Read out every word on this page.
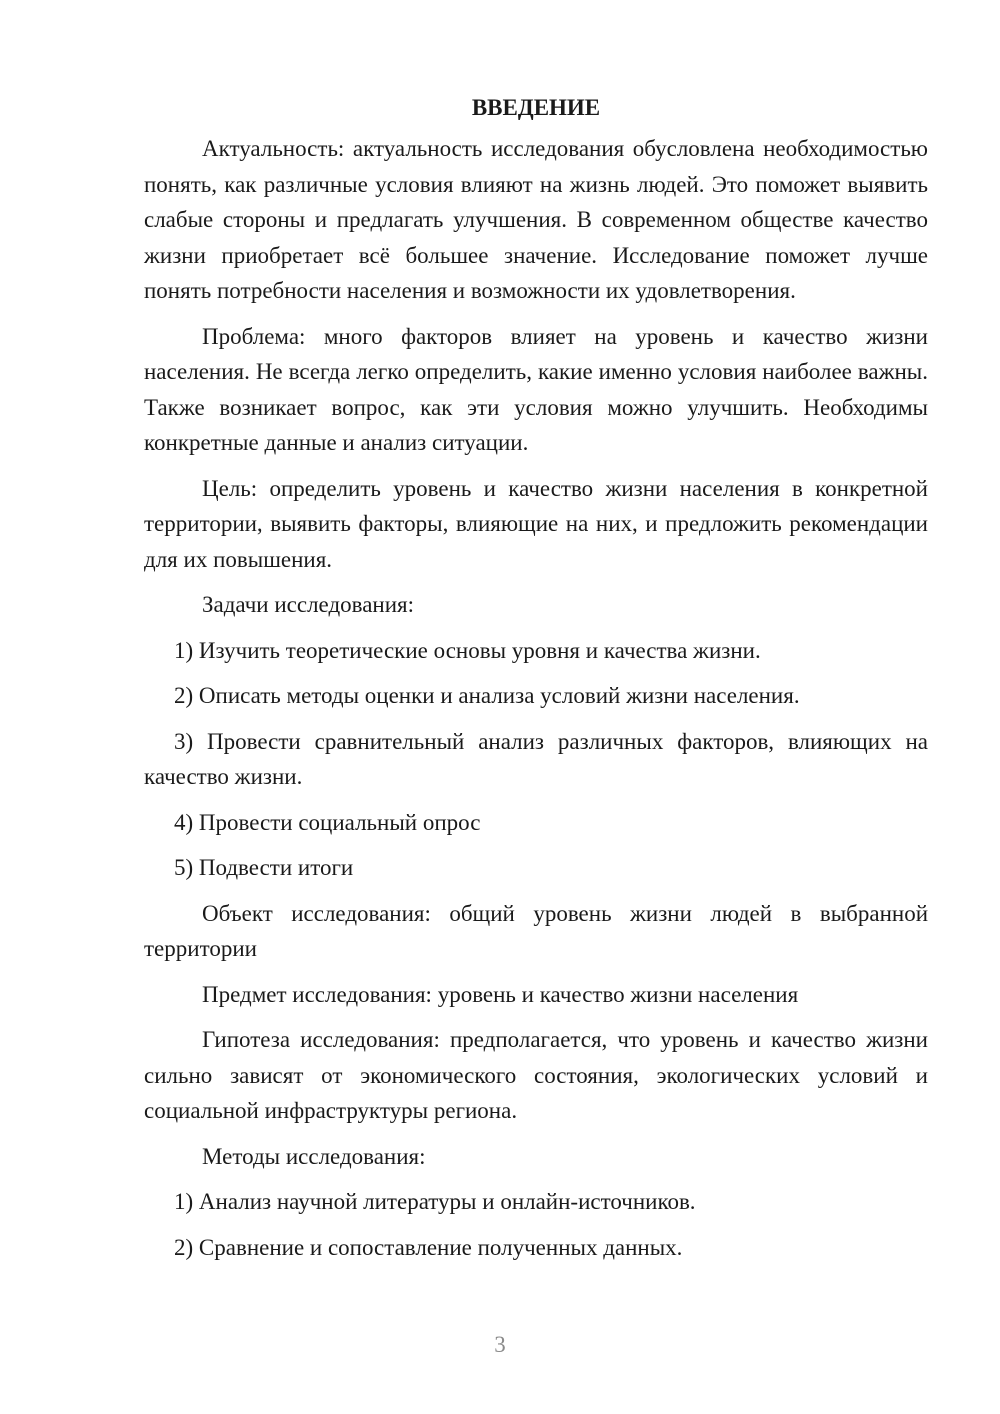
ВВЕДЕНИЕ

Актуальность: актуальность исследования обусловлена необходимостью понять, как различные условия влияют на жизнь людей. Это поможет выявить слабые стороны и предлагать улучшения. В современном обществе качество жизни приобретает всё большее значение. Исследование поможет лучше понять потребности населения и возможности их удовлетворения.

Проблема: много факторов влияет на уровень и качество жизни населения. Не всегда легко определить, какие именно условия наиболее важны. Также возникает вопрос, как эти условия можно улучшить. Необходимы конкретные данные и анализ ситуации.

Цель: определить уровень и качество жизни населения в конкретной территории, выявить факторы, влияющие на них, и предложить рекомендации для их повышения.

Задачи исследования:

1) Изучить теоретические основы уровня и качества жизни.

2) Описать методы оценки и анализа условий жизни населения.

3) Провести сравнительный анализ различных факторов, влияющих на качество жизни.

4) Провести социальный опрос

5) Подвести итоги

Объект исследования: общий уровень жизни людей в выбранной территории

Предмет исследования: уровень и качество жизни населения

Гипотеза исследования: предполагается, что уровень и качество жизни сильно зависят от экономического состояния, экологических условий и социальной инфраструктуры региона.

Методы исследования:

1) Анализ научной литературы и онлайн-источников.

2) Сравнение и сопоставление полученных данных.

3
